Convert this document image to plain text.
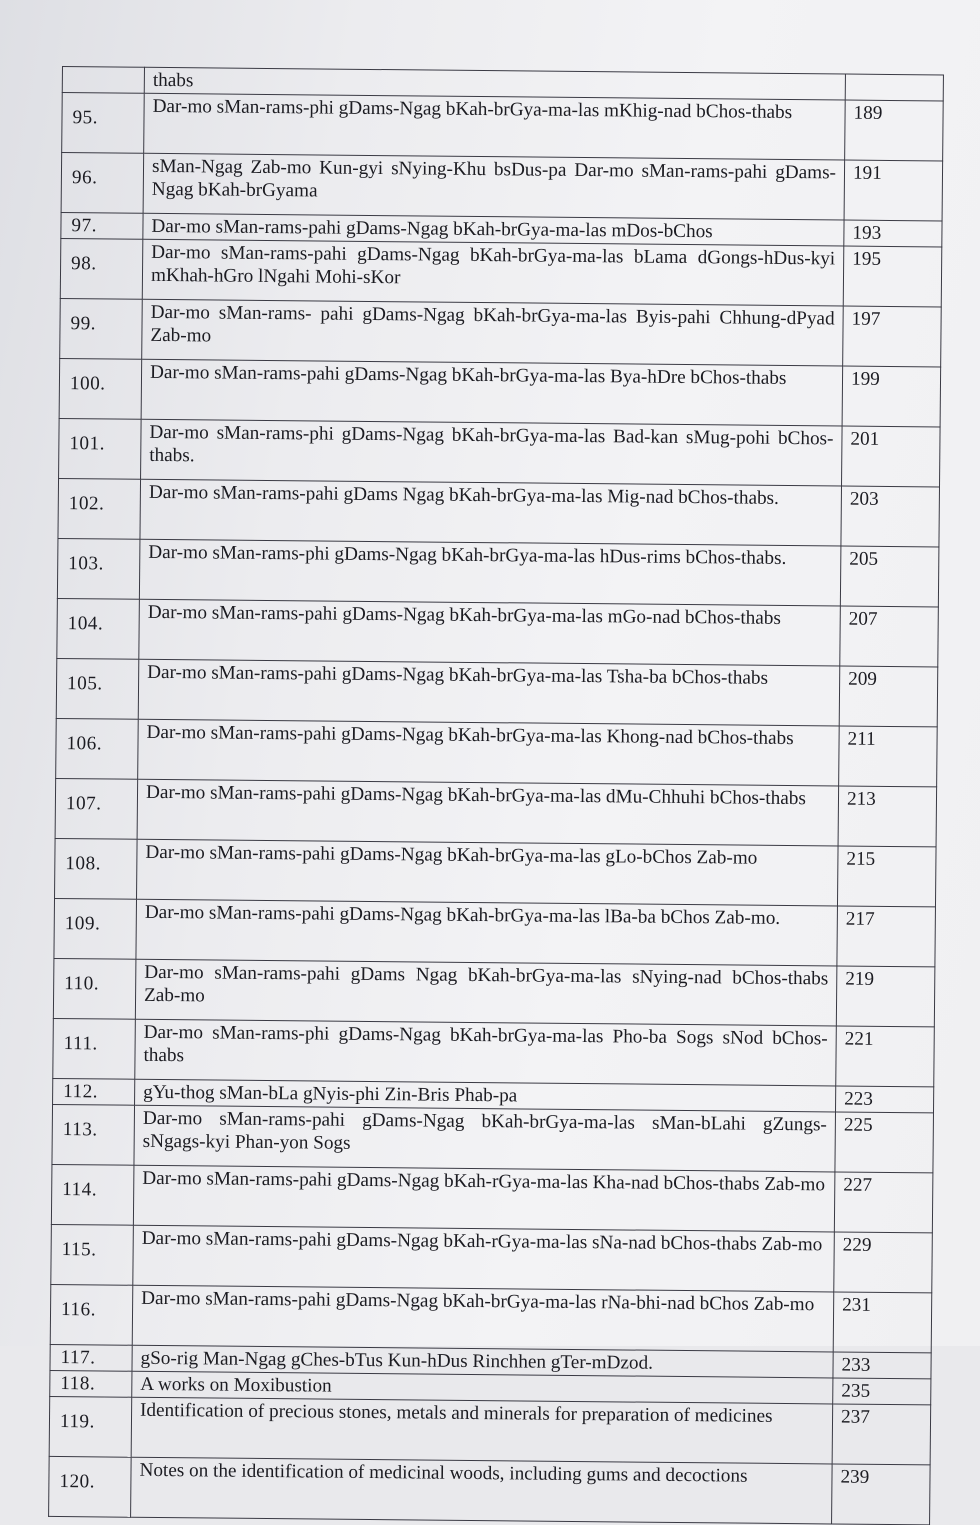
	thabs	
95.	Dar-mo sMan-rams-phi gDams-Ngag bKah-brGya-ma-las mKhig-nad bChos-thabs	189
96.	sMan-Ngag Zab-mo Kun-gyi sNying-Khu bsDus-pa Dar-mo sMan-rams-pahi gDams-Ngag bKah-brGyama	191
97.	Dar-mo sMan-rams-pahi gDams-Ngag bKah-brGya-ma-las mDos-bChos	193
98.	Dar-mo sMan-rams-pahi gDams-Ngag bKah-brGya-ma-las bLama dGongs-hDus-kyi mKhah-hGro lNgahi Mohi-sKor	195
99.	Dar-mo sMan-rams- pahi gDams-Ngag bKah-brGya-ma-las Byis-pahi Chhung-dPyad Zab-mo	197
100.	Dar-mo sMan-rams-pahi gDams-Ngag bKah-brGya-ma-las Bya-hDre bChos-thabs	199
101.	Dar-mo sMan-rams-phi gDams-Ngag bKah-brGya-ma-las Bad-kan sMug-pohi bChos-thabs.	201
102.	Dar-mo sMan-rams-pahi gDams Ngag bKah-brGya-ma-las Mig-nad bChos-thabs.	203
103.	Dar-mo sMan-rams-phi gDams-Ngag bKah-brGya-ma-las hDus-rims bChos-thabs.	205
104.	Dar-mo sMan-rams-pahi gDams-Ngag bKah-brGya-ma-las mGo-nad bChos-thabs	207
105.	Dar-mo sMan-rams-pahi gDams-Ngag bKah-brGya-ma-las Tsha-ba bChos-thabs	209
106.	Dar-mo sMan-rams-pahi gDams-Ngag bKah-brGya-ma-las Khong-nad bChos-thabs	211
107.	Dar-mo sMan-rams-pahi gDams-Ngag bKah-brGya-ma-las dMu-Chhuhi bChos-thabs	213
108.	Dar-mo sMan-rams-pahi gDams-Ngag bKah-brGya-ma-las gLo-bChos Zab-mo	215
109.	Dar-mo sMan-rams-pahi gDams-Ngag bKah-brGya-ma-las lBa-ba bChos Zab-mo.	217
110.	Dar-mo sMan-rams-pahi gDams Ngag bKah-brGya-ma-las sNying-nad bChos-thabs Zab-mo	219
111.	Dar-mo sMan-rams-phi gDams-Ngag bKah-brGya-ma-las Pho-ba Sogs sNod bChos-thabs	221
112.	gYu-thog sMan-bLa gNyis-phi Zin-Bris Phab-pa	223
113.	Dar-mo sMan-rams-pahi gDams-Ngag bKah-brGya-ma-las sMan-bLahi gZungs-sNgags-kyi Phan-yon Sogs	225
114.	Dar-mo sMan-rams-pahi gDams-Ngag bKah-rGya-ma-las Kha-nad bChos-thabs Zab-mo	227
115.	Dar-mo sMan-rams-pahi gDams-Ngag bKah-rGya-ma-las sNa-nad bChos-thabs Zab-mo	229
116.	Dar-mo sMan-rams-pahi gDams-Ngag bKah-brGya-ma-las rNa-bhi-nad bChos Zab-mo	231
117.	gSo-rig Man-Ngag gChes-bTus Kun-hDus Rinchhen gTer-mDzod.	233
118.	A works on Moxibustion	235
119.	Identification of precious stones, metals and minerals for preparation of medicines	237
120.	Notes on the identification of medicinal woods, including gums and decoctions	239
